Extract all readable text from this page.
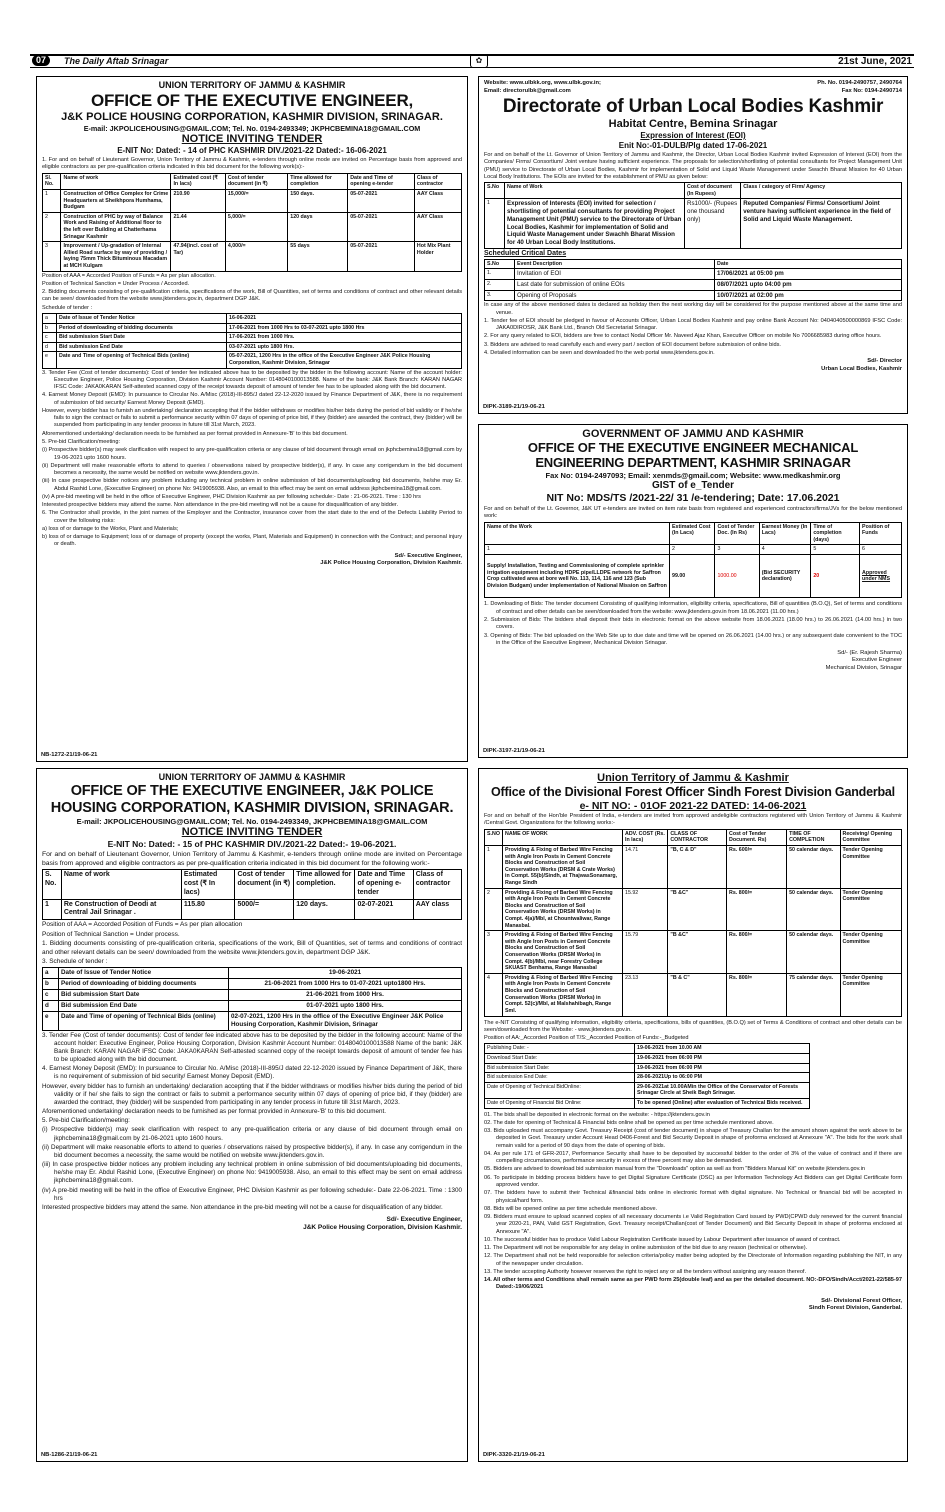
07	The Daily Aftab Srinagar	✿	21st June, 2021
UNION TERRITORY OF JAMMU & KASHMIR
OFFICE OF THE EXECUTIVE ENGINEER,
J&K POLICE HOUSING CORPORATION, KASHMIR DIVISION, SRINAGAR.
E-mail: JKPOLICEHOUSING@GMAIL.COM; Tel. No. 0194-2493349; JKPHCBEMINA18@GMAIL.COM
NOTICE INVITING TENDER
E-NIT No: Dated: - 14 of PHC KASHMIR DIV./2021-22 Dated:- 16-06-2021

1. For and on behalf of Lieutenant Governor, Union Territory of Jammu & Kashmir, e-tenders through online mode are invited on Percentage basis from approved and eligible contractors as per pre-qualification criteria indicated in this bid document for the following work(s):-

Sl. No.	Name of work	Estimated cost (₹ In lacs)	Cost of tender document (in ₹)	Time allowed for completion	Date and Time of opening e-tender	Class of contractor
1	Construction of Office Complex for Crime Headquarters at Sheikhpora Humhama, Budgam	210.90	15,000/=	150 days.	05-07-2021	AAY Class
2	Construction of PHC by way of Balance Work and Raising of Additional floor to the left over Building at Chatterhama Srinagar Kashmir	21.44	5,000/=	120 days	05-07-2021	AAY Class
3	Improvement / Up-gradation of Internal Allied Road surface by way of providing / laying 75mm Thick Bituminous Macadam at MCH Kulgam	47.94(incl. cost of Tar)	4,000/=	55 days	05-07-2021	Hot Mix Plant Holder

Position of AAA = Accorded Position of Funds = As per plan allocation.

Position of Technical Sanction = Under Process / Accorded.

2. Bidding documents consisting of pre-qualification criteria, specifications of the work, Bill of Quantities, set of terms and conditions of contract and other relevant details can be seen/ downloaded from the website www.jktenders.gov.in, department DGP J&K.

Schedule of tender :

a	Date of Issue of Tender Notice	16-06-2021
b	Period of downloading of bidding documents	17-06-2021 from 1000 Hrs to 03-07-2021 upto 1800 Hrs
c	Bid submission Start Date	17-06-2021 from 1000 Hrs.
d	Bid submission End Date	03-07-2021 upto 1800 Hrs.
e	Date and Time of opening of Technical Bids (online)	05-07-2021, 1200 Hrs in the office of the Executive Engineer J&K Police Housing Corporation, Kashmir Division, Srinagar

3. Tender Fee (Cost of tender documents): Cost of tender fee indicated above has to be deposited by the bidder in the following account: Name of the account holder: Executive Engineer, Police Housing Corporation, Division Kashmir Account Number: 0148040100013588. Name of the bank: J&K Bank Branch: KARAN NAGAR IFSC Code: JAKA0KARAN Self-attested scanned copy of the receipt towards deposit of amount of tender fee has to be uploaded along with the bid document.

4. Earnest Money Deposit (EMD): In pursuance to Circular No. A/Misc (2018)-III-895/J dated 22-12-2020 issued by Finance Department of J&K, there is no requirement of submission of bid security/ Earnest Money Deposit (EMD).

However, every bidder has to furnish an undertaking/ declaration accepting that if the bidder withdraws or modifies his/her bids during the period of bid validity or if he/she fails to sign the contract or fails to submit a performance security within 07 days of opening of price bid, if they (bidder) are awarded the contract, they (bidder) will be suspended from participating in any tender process in future till 31st March, 2023.

Aforementioned undertaking/ declaration needs to be furnished as per format provided in Annexure-'B' to this bid document.

5. Pre-bid Clarification/meeting:

(i) Prospective bidder(s) may seek clarification with respect to any pre-qualification criteria or any clause of bid document through email on jkphcbemina18@gmail.com by 19-06-2021 upto 1600 hours.

(ii) Department will make reasonable efforts to attend to queries / observations raised by prospective bidder(s), if any. In case any corrigendum in the bid document becomes a necessity, the same would be notified on website www.jktenders.gov.in.

(iii) In case prospective bidder notices any problem including any technical problem in online submission of bid documents/uploading bid documents, he/she may Er. Abdul Rashid Lone, (Executive Engineer) on phone No: 9419005938. Also, an email to this effect may be sent on email address jkphcbemina18@gmail.com.

(iv) A pre-bid meeting will be held in the office of Executive Engineer, PHC Division Kashmir as per following schedule:- Date : 21-06-2021. Time : 130 hrs

Interested prospective bidders may attend the same. Non attendance in the pre-bid meeting will not be a cause for disqualification of any bidder.

6. The Contractor shall provide, in the joint names of the Employer and the Contractor, insurance cover from the start date to the end of the Defects Liability Period to cover the following risks:

a) loss of or damage to the Works, Plant and Materials;

b) loss of or damage to Equipment; loss of or damage of property (except the works, Plant, Materials and Equipment) in connection with the Contract; and personal injury or death.

Sd/- Executive Engineer,
J&K Police Housing Corporation, Division Kashmir.
NB-1272-21/19-06-21
Website: www.ulbkk.org, www.ulbk.gov.in;	Ph. No. 0194-2490757, 2490764
Email: directorulbk@gmail.com	Fax No: 0194-2490714
Directorate of Urban Local Bodies Kashmir
Habitat Centre, Bemina Srinagar
Expression of Interest (EOI)
Enit No:-01-DULB/Plg dated 17-06-2021

For and on behalf of the Lt. Governor of Union Territory of Jammu and Kashmir, the Director, Urban Local Bodies Kashmir invited Expression of Interest (EOI) from the Companies/ Firms/ Consortium/ Joint venture having sufficient experience. The proposals for selection/shortlisting of potential consultants for Project Management Unit (PMU) service to Directorate of Urban Local Bodies, Kashmir for implementation of Solid and Liquid Waste Management under Swachh Bharat Mission for 40 Urban Local Body Institutions. The EOIs are invited for the establishment of PMU as given below:

S.No	Name of Work	Cost of document (In Rupees)	Class / category of Firm/ Agency
1	Expression of Interests (EOI) invited for selection / shortlisting of potential consultants for providing Project Management Unit (PMU) service to the Directorate of Urban Local Bodies, Kashmir for implementation of Solid and Liquid Waste Management under Swachh Bharat Mission for 40 Urban Local Body Institutions.	Rs1000/- (Rupees one thousand only)	Reputed Companies/ Firms/ Consortium/ Joint venture having sufficient experience in the field of Solid and Liquid Waste Management.
Scheduled Critical Dates
S.No	Event Description	Date
1.	Invitation of EOI	17/06/2021 at 05:00 pm
2.	Last date for submission of online EOIs	08/07/2021 upto 04:00 pm
3.	Opening of Proposals	10/07/2021 at 02:00 pm

In case any of the above mentioned dates is declared as holiday then the next working day will be considered for the purpose mentioned above at the same time and venue.

1. Tender fee of EOI should be pledged in favour of Accounts Officer, Urban Local Bodies Kashmir and pay online Bank Account No: 0404040500000869 IFSC Code: JAKA0DIROSR, J&K Bank Ltd., Branch Old Secretariat Srinagar.

2. For any query related to EOI, bidders are free to contact Nodal Officer Mr. Naveed Ajaz Khan, Executive Officer on mobile No 7006685983 during office hours.

3. Bidders are advised to read carefully each and every part / section of EOI document before submission of online bids.

4. Detailed information can be seen and downloaded fro the web portal www.jktenders.gov.in.

Sd/- Director
Urban Local Bodies, Kashmir
DIPK-3189-21/19-06-21
GOVERNMENT OF JAMMU AND KASHMIR
OFFICE OF THE EXECUTIVE ENGINEER MECHANICAL ENGINEERING DEPARTMENT, KASHMIR SRINAGAR
Fax No: 0194-2497093; Email: xenmds@gmail.com; Website: www.medkashmir.org
GIST of e_Tender
NIT No: MDS/TS /2021-22/ 31 /e-tendering; Date: 17.06.2021

For and on behalf of the Lt. Governor, J&K UT e-tenders are invited on item rate basis from registered and experienced contractors/firms/JVs for the below mentioned work:

Name of the Work	Estimated Cost (In Lacs)	Cost of Tender Doc. (In Rs)	Earnest Money (In Lacs)	Time of completion (days)	Position of Funds
1	2	3	4	5	6
Supply/ Installation, Testing and Commissioning of complete sprinkler irrigation equipment including HDPE pipe/LLDPE network for Saffron Crop cultivated area at bore well No. 113, 114, 116 and 123 (Sub Division Budgam) under implementation of National Mission on Saffron	99.00	1000.00	(Bid SECURITY declaration)	20	Approved under NMS

1. Downloading of Bids: The tender document Consisting of qualifying information, eligibility criteria, specifications, Bill of quantities (B.O.Q), Set of terms and conditions of contract and other details can be seen/downloaded from the website: www.jktenders.gov.in from 18.06.2021 (11.00 hrs.)

2. Submission of Bids: The bidders shall deposit their bids in electronic format on the above website from 18.06.2021 (18.00 hrs.) to 26.06.2021 (14.00 hrs.) in two covers.

3. Opening of Bids: The bid uploaded on the Web Site up to due date and time will be opened on 26.06.2021 (14.00 hrs.) or any subsequent date convenient to the TOC in the Office of the Executive Engineer, Mechanical Division Srinagar.

Sd/- (Er. Rajesh Sharma)
Executive Engineer
Mechanical Division, Srinagar
DIPK-3197-21/19-06-21
UNION TERRITORY OF JAMMU & KASHMIR
OFFICE OF THE EXECUTIVE ENGINEER, J&K POLICE HOUSING CORPORATION, KASHMIR DIVISION, SRINAGAR.
E-mail: JKPOLICEHOUSING@GMAIL.COM; Tel. No. 0194-2493349, JKPHCBEMINA18@GMAIL.COM
NOTICE INVITING TENDER
E-NIT No: Dated: - 15 of PHC KASHMIR DIV./2021-22 Dated:- 19-06-2021.

For and on behalf of Lieutenant Governor, Union Territory of Jammu & Kashmir, e-tenders through online mode are invited on Percentage basis from approved and eligible contractors as per pre-qualification criteria indicated in this bid document for the following work:-

S. No.	Name of work	Estimated cost (₹ In lacs)	Cost of tender document (in ₹)	Time allowed for completion.	Date and Time of opening e-tender	Class of contractor
1	Re Construction of Deodi at Central Jail Srinagar .	115.80	5000/=	120 days.	02-07-2021	AAY class

Position of AAA = Accorded Position of Funds = As per plan allocation

Position of Technical Sanction = Under process.

1. Bidding documents consisting of pre-qualification criteria, specifications of the work, Bill of Quantities, set of terms and conditions of contract and other relevant details can be seen/ downloaded from the website www.jktenders.gov.in, department DGP J&K.

3. Schedule of tender :

a	Date of Issue of Tender Notice	19-06-2021
b	Period of downloading of bidding documents	21-06-2021 from 1000 Hrs to 01-07-2021 upto1800 Hrs.
c	Bid submission Start Date	21-06-2021 from 1000 Hrs.
d	Bid submission End Date	01-07-2021 upto 1800 Hrs.
e	Date and Time of opening of Technical Bids (online)	02-07-2021, 1200 Hrs in the office of the Executive Engineer J&K Police Housing Corporation, Kashmir Division, Srinagar

3. Tender Fee (Cost of tender documents): Cost of tender fee indicated above has to be deposited by the bidder in the following account: Name of the account holder: Executive Engineer, Police Housing Corporation, Division Kashmir Account Number: 0148040100013588 Name of the bank: J&K Bank Branch: KARAN NAGAR IFSC Code: JAKA0KARAN Self-attested scanned copy of the receipt towards deposit of amount of tender fee has to be uploaded along with the bid document.

4. Earnest Money Deposit (EMD): In pursuance to Circular No. A/Misc (2018)-III-895/J dated 22-12-2020 issued by Finance Department of J&K, there is no requirement of submission of bid security/ Earnest Money Deposit (EMD).

However, every bidder has to furnish an undertaking/ declaration accepting that if the bidder withdraws or modifies his/her bids during the period of bid validity or if he/ she fails to sign the contract or fails to submit a performance security within 07 days of opening of price bid, if they (bidder) are awarded the contract, they (bidder) will be suspended from participating in any tender process in future till 31st March, 2023.

Aforementioned undertaking/ declaration needs to be furnished as per format provided in Annexure-'B' to this bid document.

5. Pre-bid Clarification/meeting:

(i) Prospective bidder(s) may seek clarification with respect to any pre-qualification criteria or any clause of bid document through email on jkphcbemina18@gmail.com by 21-06-2021 upto 1600 hours.

(ii) Department will make reasonable efforts to attend to queries / observations raised by prospective bidder(s), if any. In case any corrigendum in the bid document becomes a necessity, the same would be notified on website www.jktenders.gov.in.

(iii) In case prospective bidder notices any problem including any technical problem in online submission of bid documents/uploading bid documents, he/she may Er. Abdul Rashid Lone, (Executive Engineer) on phone No: 9419005938. Also, an email to this effect may be sent on email address jkphcbemina18@gmail.com.

(iv) A pre-bid meeting will be held in the office of Executive Engineer, PHC Division Kashmir as per following schedule:- Date 22-06-2021. Time : 1300 hrs

Interested prospective bidders may attend the same. Non attendance in the pre-bid meeting will not be a cause for disqualification of any bidder.

Sd/- Executive Engineer,
J&K Police Housing Corporation, Division Kashmir.
NB-1286-21/19-06-21
Union Territory of Jammu & Kashmir
Office of the Divisional Forest Officer Sindh Forest Division Ganderbal
e- NIT NO: - 01OF 2021-22 DATED: 14-06-2021

For and on behalf of the Hon'ble President of India, e-tenders are invited from approved andeligible contractors registered with Union Territory of Jammu & Kashmir /Central Govt. Organizations for the following works:-

S.NO	NAME OF WORK	ADV. COST (Rs. In lacs)	CLASS OF CONTRACTOR	Cost of Tender Document. Rs)	TIME OF COMPLETION	Receiving/ Opening Committee
1	Providing & Fixing of Barbed Wire Fencing with Angle Iron Posts in Cement Concrete Blocks and Construction of Soil Conservation Works (DRSM & Crate Works) in Compt. 55(b)/Sindh, at ThajwasSonamarg, Range Sindh	14.71	"B, C & D"	Rs. 600/=	50 calendar days.	Tender Opening Committee
2	Providing & Fixing of Barbed Wire Fencing with Angle Iron Posts in Cement Concrete Blocks and Construction of Soil Conservation Works (DRSM Works) in Compt. 4(a)/Mbl, at Chountwaliwar, Range Manasbal.	15.92	"B &C"	Rs. 800/=	50 calendar days.	Tender Opening Committee
3	Providing & Fixing of Barbed Wire Fencing with Angle Iron Posts in Cement Concrete Blocks and Construction of Soil Conservation Works (DRSM Works) in Compt. 4(b)/Mbl, near Forestry College SKUAST Benhama, Range Manasbal	15.79	"B &C"	Rs. 800/=	50 calendar days.	Tender Opening Committee
4	Providing & Fixing of Barbed Wire Fencing with Angle Iron Posts in Cement Concrete Blocks and Construction of Soil Conservation Works (DRSM Works) in Compt. 52(c)/Mbl, at Malshahibagh, Range Sml.	23.13	"B & C"	Rs. 800/=	75 calendar days.	Tender Opening Committee

The e-NIT Consisting of qualifying information, eligibility criteria, specifications, bills of quantities, (B.O.Q) set of Terms & Conditions of contract and other details can be seen/downloaded from the Website: - www.jktenders.gov.in.

Position of AA:_Accorded Position of T/S:_Accorded Position of Funds:-_Budgeted

Publishing Date: -	19-06-2021 from 10.00 AM
Download Start Date:	19-06-2021 from 06:00 PM
Bid submission Start Date:	19-06-2021 from 06:00 PM
Bid submission End Date:	28-06-2021Up to 06:00 PM
Date of Opening of Technical BidOnline:	29-06-2021at 10.00AMin the Office of the Conservator of Forests Srinagar Circle at Sheik Bagh Srinagar.
Date of Opening of Financial Bid Online:	To be opened (Online) after evaluation of Technical Bids received.

01. The bids shall be deposited in electronic format on the website: - https://jktenders.gov.in

02. The date for opening of Technical & Financial bids online shall be opened as per time schedule mentioned above.

03. Bids uploaded must accompany Govt. Treasury Receipt (cost of tender document) in shape of Treasury Challan for the amount shown against the work above to be deposited in Govt. Treasury under Account Head 0406-Forest and Bid Security Deposit in shape of proforma enclosed at Annexure "A". The bids for the work shall remain valid for a period of 90 days from the date of opening of bids.

04. As per rule 171 of GFR-2017, Performance Security shall have to be deposited by successful bidder to the order of 3% of the value of contract and if there are compelling circumstances, performance security in excess of three percent may also be demanded.

05. Bidders are advised to download bid submission manual from the "Downloads" option as well as from "Bidders Manual Kit" on website jktenders.gov.in

06. To participate in bidding process bidders have to get Digital Signature Certificate (DSC) as per Information Technology Act Bidders can get Digital Certificate form approved vendor.

07. The bidders have to submit their Technical &financial bids online in electronic format with digital signature. No Technical or financial bid will be accepted in physical/hard form.

08. Bids will be opened online as per time schedule mentioned above.

09. Bidders must ensure to upload scanned copies of all necessary documents i.e Valid Registration Card issued by PWD(CPWD duly renewed for the current financial year 2020-21, PAN, Valid GST Registration, Govt. Treasury receipt/Challan(cost of Tender Document) and Bid Security Deposit in shape of proforma enclosed at Annexure "A".

10. The successful bidder has to produce Valid Labour Registration Certificate issued by Labour Department after issuance of award of contract.

11. The Department will not be responsible for any delay in online submission of the bid due to any reason (technical or otherwise).

12. The Department shall not be held responsible for selection criteria/policy matter being adopted by the Directorate of Information regarding publishing the NIT, in any of the newspaper under circulation.

13. The tender accepting Authority however reserves the right to reject any or all the tenders without assigning any reason thereof.

14. All other terms and Conditions shall remain same as per PWD form 25(double leaf) and as per the detailed document. NO:-DFO/Sindh/Acct/2021-22/585-97 Dated:-19/06/2021

Sd/- Divisional Forest Officer,
Sindh Forest Division, Ganderbal.
DIPK-3320-21/19-06-21
